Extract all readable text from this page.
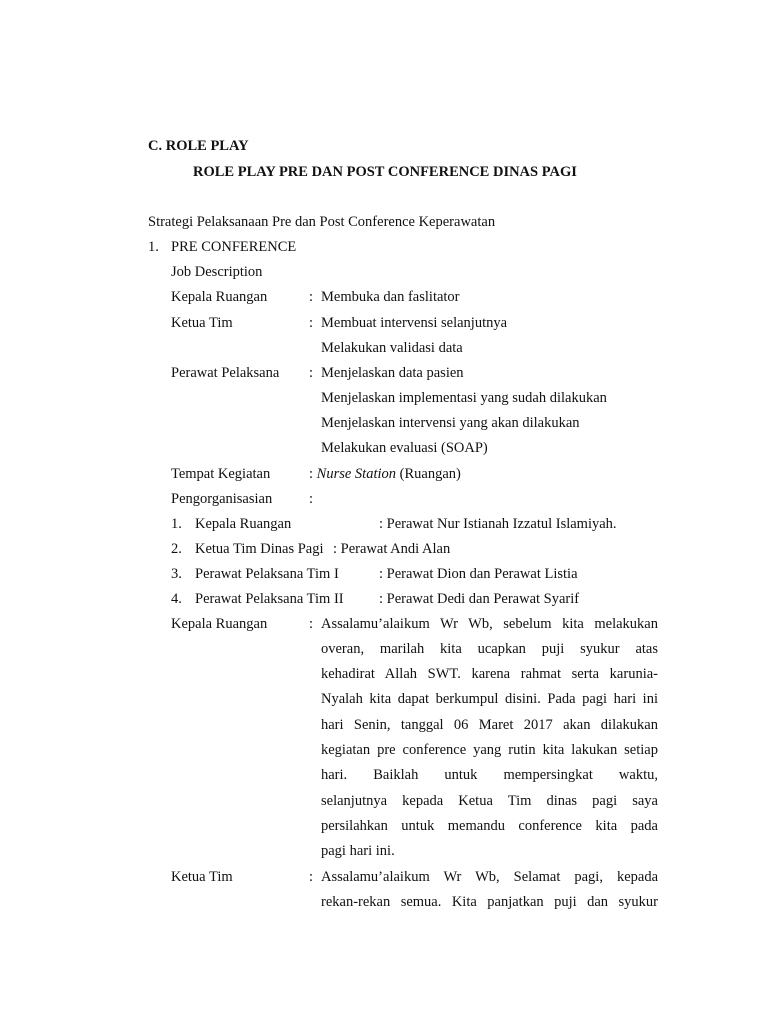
C. ROLE PLAY
ROLE PLAY PRE DAN POST CONFERENCE DINAS PAGI
Strategi Pelaksanaan Pre dan Post Conference Keperawatan
1. PRE CONFERENCE
Job Description
Kepala Ruangan	: Membuka dan faslitator
Ketua Tim	: Membuat intervensi selanjutnya
Melakukan validasi data
Perawat Pelaksana : Menjelaskan data pasien
Menjelaskan implementasi yang sudah dilakukan
Menjelaskan intervensi yang akan dilakukan
Melakukan evaluasi (SOAP)
Tempat Kegiatan	: Nurse Station (Ruangan)
Pengorganisasian	:
1. Kepala Ruangan	: Perawat Nur Istianah Izzatul Islamiyah.
2. Ketua Tim Dinas Pagi : Perawat Andi Alan
3. Perawat Pelaksana Tim I	: Perawat Dion dan Perawat Listia
4. Perawat Pelaksana Tim II : Perawat Dedi dan Perawat Syarif
Kepala Ruangan	: Assalamu’alaikum Wr Wb, sebelum kita melakukan
overan, marilah kita ucapkan puji syukur atas
kehadirat Allah SWT. karena rahmat serta karunia-
Nyalah kita dapat berkumpul disini. Pada pagi hari ini
hari Senin, tanggal 06 Maret 2017 akan dilakukan
kegiatan pre conference yang rutin kita lakukan setiap
hari. Baiklah untuk mempersingkat waktu,
selanjutnya kepada Ketua Tim dinas pagi saya
persilahkan untuk memandu conference kita pada
pagi hari ini.
Ketua Tim	: Assalamu’alaikum Wr Wb, Selamat pagi, kepada
rekan-rekan semua. Kita panjatkan puji dan syukur
